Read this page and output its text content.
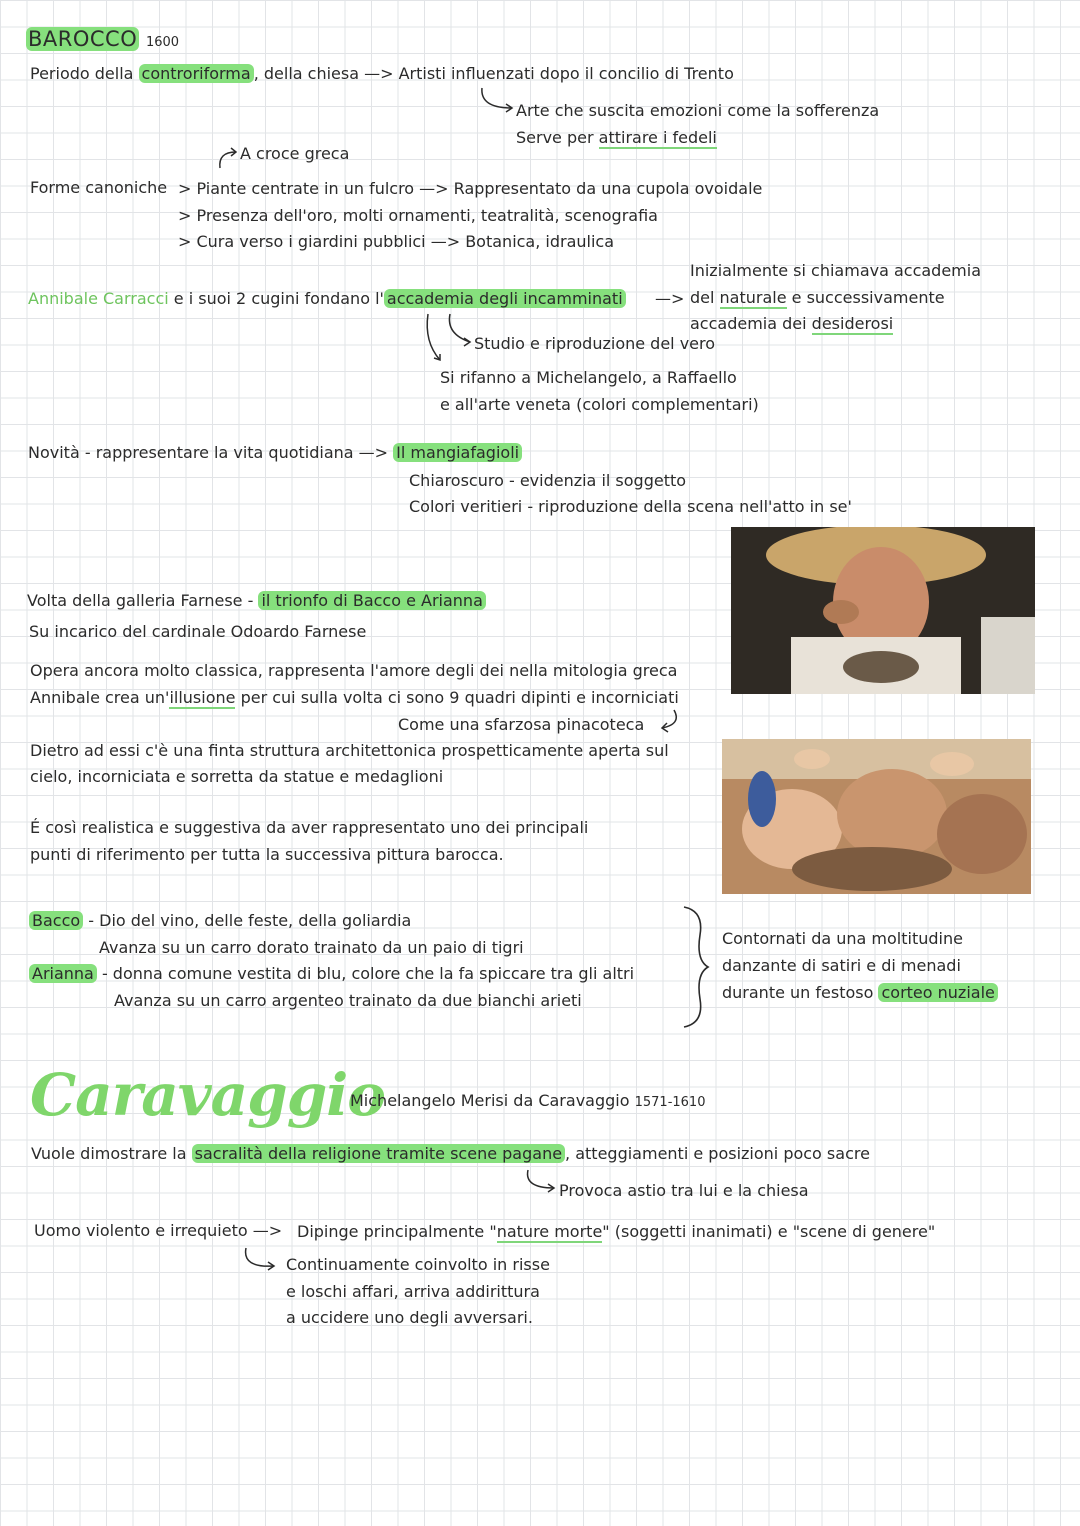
BAROCCO 1600
Periodo della controriforma , della chiesa —> Artisti influenzati dopo il concilio di Trento
Arte che suscita emozioni come la sofferenza
Serve per attirare i fedeli
A croce greca
Forme canoniche > Piante centrate in un fulcro —> Rappresentato da una cupola ovoidale
> Presenza dell'oro, molti ornamenti, teatralità, scenografia
> Cura verso i giardini pubblici —> Botanica, idraulica
Inizialmente si chiamava accademia
Annibale Carracci e i suoi 2 cugini fondano l' accademia degli incamminati —> del naturale e successivamente
accademia dei desiderosi
Studio e riproduzione del vero
Si rifanno a Michelangelo, a Raffaello
e all'arte veneta (colori complementari)
Novità - rappresentare la vita quotidiana —> Il mangiafagioli
Chiaroscuro - evidenzia il soggetto
Colori veritieri - riproduzione della scena nell'atto in se'
Volta della galleria Farnese - il trionfo di Bacco e Arianna
Su incarico del cardinale Odoardo Farnese
Opera ancora molto classica, rappresenta l'amore degli dei nella mitologia greca
Annibale crea un'illusione per cui sulla volta ci sono 9 quadri dipinti e incorniciati
Come una sfarzosa pinacoteca
Dietro ad essi c'è una finta struttura architettonica prospetticamente aperta sul
cielo, incorniciata e sorretta da statue e medaglioni
É così realistica e suggestiva da aver rappresentato uno dei principali
punti di riferimento per tutta la successiva pittura barocca.
Bacco - Dio del vino, delle feste, della goliardia
Avanza su un carro dorato trainato da un paio di tigri
Arianna - donna comune vestita di blu, colore che la fa spiccare tra gli altri
Avanza su un carro argenteo trainato da due bianchi arieti
Contornati da una moltitudine
danzante di satiri e di menadi
durante un festoso corteo nuziale
Caravaggio
Michelangelo Merisi da Caravaggio 1571-1610
Vuole dimostrare la sacralità della religione tramite scene pagane , atteggiamenti e posizioni poco sacre
Provoca astio tra lui e la chiesa
Uomo violento e irrequieto —> Dipinge principalmente "nature morte" (soggetti inanimati) e "scene di genere"
Continuamente coinvolto in risse
e loschi affari, arriva addirittura
a uccidere uno degli avversari.
